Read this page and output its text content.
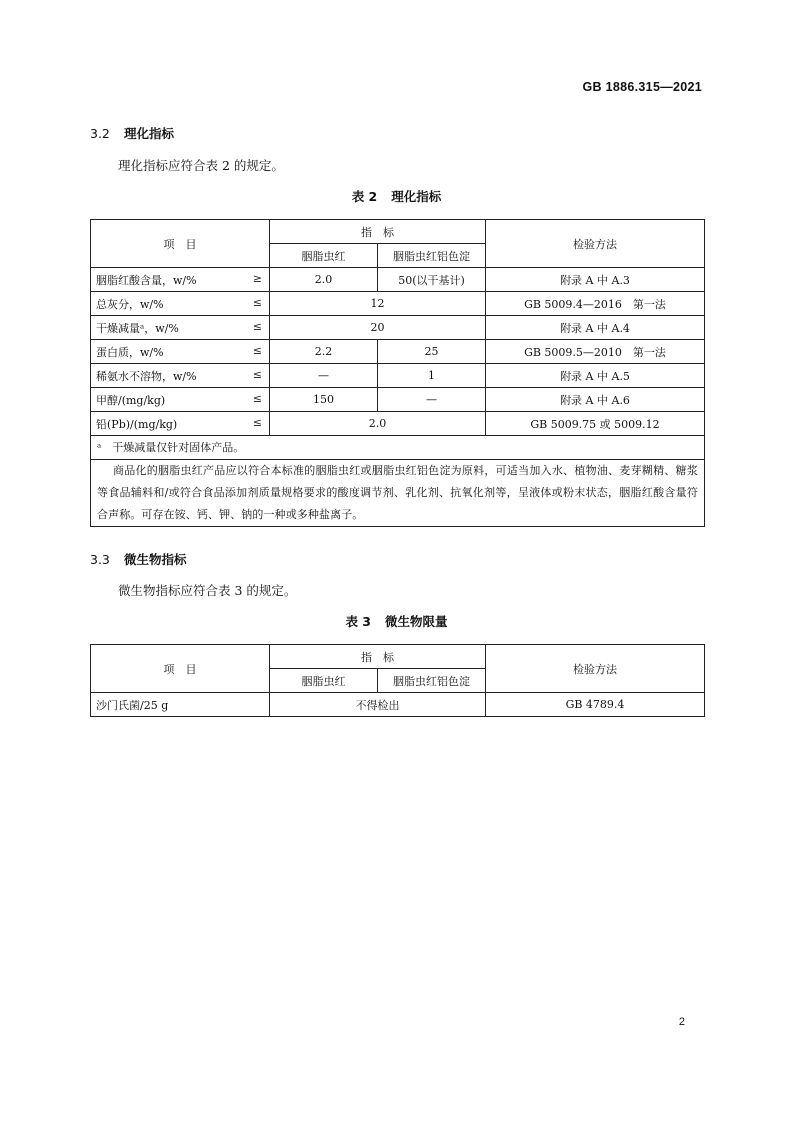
GB 1886.315—2021
3.2 理化指标
理化指标应符合表 2 的规定。
表 2 理化指标
项　目	指　标		检验方法
	胭脂虫红	胭脂虫红铝色淀	
胭脂红酸含量，w/% ≥	2.0	50(以干基计)	附录 A 中 A.3
总灰分，w/% ≤	12		GB 5009.4—2016　第一法
干燥减量ᵃ，w/% ≤	20		附录 A 中 A.4
蛋白质，w/% ≤	2.2	25	GB 5009.5—2010　第一法
稀氨水不溶物，w/% ≤	—	1	附录 A 中 A.5
甲醇/(mg/kg) ≤	150	—	附录 A 中 A.6
铅(Pb)/(mg/kg) ≤	2.0		GB 5009.75 或 5009.12
ᵃ　干燥减量仅针对固体产品。			
商品化的胭脂虫红产品应以符合本标准的胭脂虫红或胭脂虫红铝色淀为原料，可适当加入水、植物油、麦芽糊精、糖浆等食品辅料和/或符合食品添加剂质量规格要求的酸度调节剂、乳化剂、抗氧化剂等，呈液体或粉末状态，胭脂红酸含量符合声称。可存在铵、钙、钾、钠的一种或多种盐离子。			
3.3 微生物指标
微生物指标应符合表 3 的规定。
表 3 微生物限量
项　目	指　标		检验方法
	胭脂虫红	胭脂虫红铝色淀	
沙门氏菌/25 g	不得检出		GB 4789.4
2
